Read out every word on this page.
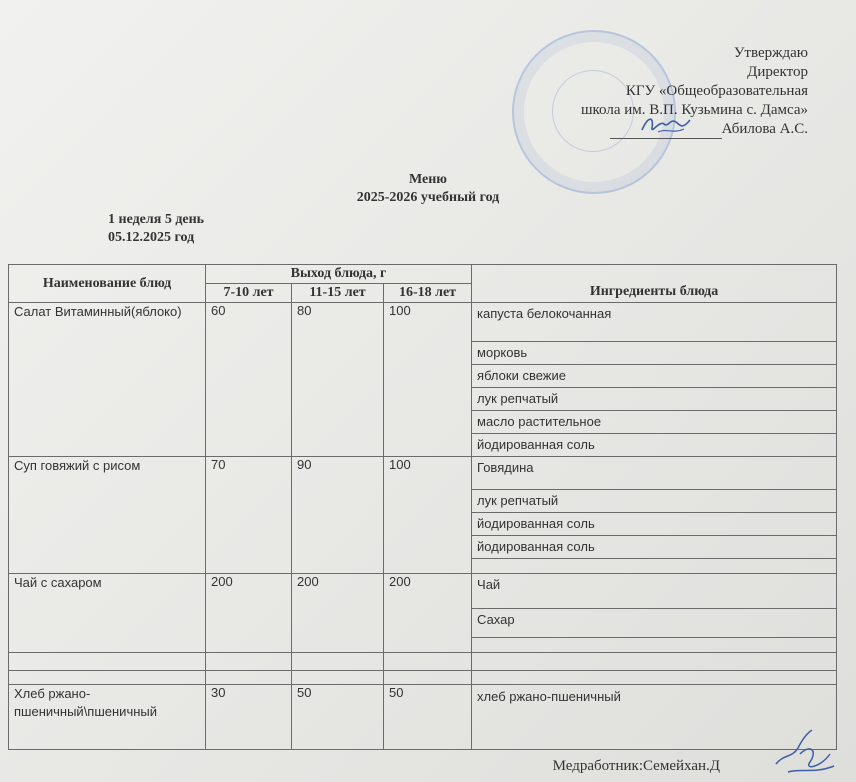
Утверждаю
Директор
КГУ «Общеобразовательная
школа им. В.П. Кузьмина с. Дамса»
Абилова А.С.
Меню
2025-2026 учебный год
1 неделя 5 день
05.12.2025 год
Наименование блюд	Выход блюда, г	Ингредиенты блюда
7-10 лет	11-15 лет	16-18 лет
Салат Витаминный(яблоко)	60	80	100		капуста белокочанная
морковь
яблоки свежие
лук репчатый
масло растительное
йодированная соль

Суп говяжий с рисом	70	90	100		Говядина
лук репчатый
йодированная соль
йодированная соль

Чай с сахаром	200	200	200		Чай
Сахар

Хлеб ржано-пшеничный\пшеничный	30	50	50	хлеб ржано-пшеничный
Медработник:Семейхан.Д
